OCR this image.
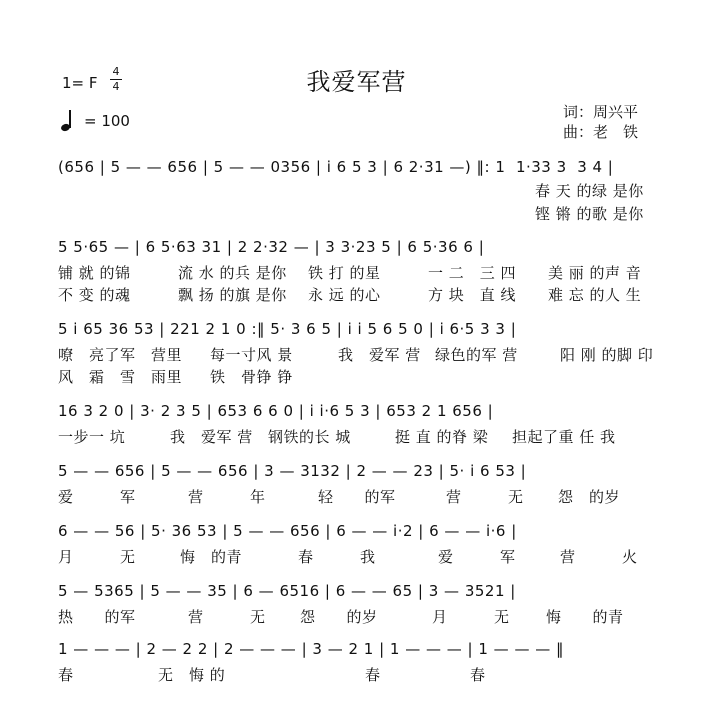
我爱军营
1= F
4
4
= 100	词：周兴平
曲：老　铁
(656 | 5 — — 656 | 5 — — 0356 | i 6 5 3 | 6 2·31 —) ‖: 1  1·33 3  3 4 |
春 天 的绿 是你
铿 锵 的歌 是你
5 5·65 — | 6 5·63 31 | 2 2·32 — | 3 3·23 5 | 6 5·36 6 |
铺 就 的锦	流 水 的兵 是你 铁 打 的星	一 二　三 四 美 丽 的声 音
不 变 的魂	飘 扬 的旗 是你 永 远 的心	方 块　直 线 难 忘 的人 生
5 i 65 36 53 | 221 2 1 0 :‖ 5· 3 6 5 | i i 5 6 5 0 | i 6·5 3 3 |
嘹　亮了军　营里 每一寸风 景	我　爱军 营 绿色的军 营	阳 刚 的脚 印
风　霜　雪　雨里 铁　骨铮 铮
16 3 2 0 | 3· 2 3 5 | 653 6 6 0 | i i·6 5 3 | 653 2 1 656 |
一步一 坑	我　爱军 营 钢铁的长 城	挺 直 的脊 梁 担起了重 任 我
5 — — 656 | 5 — — 656 | 3 — 3132 | 2 — — 23 | 5· i 6 53 |
爱　　　军	营　　　年	轻　　的军	营　　　无 怨　的岁
6 — — 56 | 5· 36 53 | 5 — — 656 | 6 — — i·2 | 6 — — i·6 |
月　　　无	悔　的青	春　　　我	爱　　　军	营　　　火
5 — 5365 | 5 — — 35 | 6 — 6516 | 6 — — 65 | 3 — 3521 |
热　　的军	营　　　无 怨　　的岁	月　　　无 悔　　的青
1 — — — | 2 — 2 2 | 2 — — — | 3 — 2 1 | 1 — — — | 1 — — — ‖
春	无　悔 的	春	春
